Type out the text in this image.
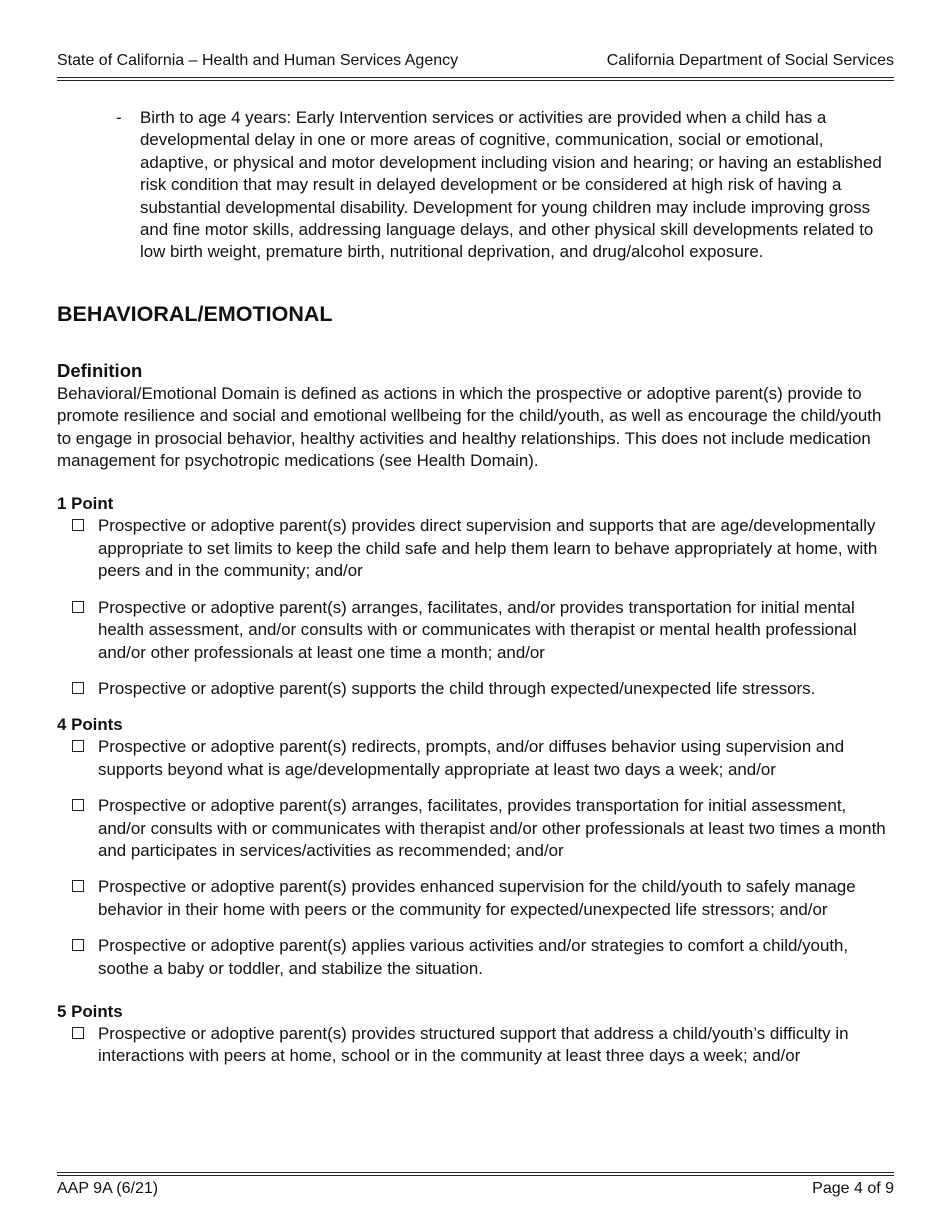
State of California – Health and Human Services Agency	California Department of Social Services
-	Birth to age 4 years: Early Intervention services or activities are provided when a child has a developmental delay in one or more areas of cognitive, communication, social or emotional, adaptive, or physical and motor development including vision and hearing; or having an established risk condition that may result in delayed development or be considered at high risk of having a substantial developmental disability. Development for young children may include improving gross and fine motor skills, addressing language delays, and other physical skill developments related to low birth weight, premature birth, nutritional deprivation, and drug/alcohol exposure.
BEHAVIORAL/EMOTIONAL
Definition
Behavioral/Emotional Domain is defined as actions in which the prospective or adoptive parent(s) provide to promote resilience and social and emotional wellbeing for the child/youth, as well as encourage the child/youth to engage in prosocial behavior, healthy activities and healthy relationships. This does not include medication management for psychotropic medications (see Health Domain).
1 Point
Prospective or adoptive parent(s) provides direct supervision and supports that are age/developmentally appropriate to set limits to keep the child safe and help them learn to behave appropriately at home, with peers and in the community; and/or
Prospective or adoptive parent(s) arranges, facilitates, and/or provides transportation for initial mental health assessment, and/or consults with or communicates with therapist or mental health professional and/or other professionals at least one time a month; and/or
Prospective or adoptive parent(s) supports the child through expected/unexpected life stressors.
4 Points
Prospective or adoptive parent(s) redirects, prompts, and/or diffuses behavior using supervision and supports beyond what is age/developmentally appropriate at least two days a week; and/or
Prospective or adoptive parent(s) arranges, facilitates, provides transportation for initial assessment, and/or consults with or communicates with therapist and/or other professionals at least two times a month and participates in services/activities as recommended; and/or
Prospective or adoptive parent(s) provides enhanced supervision for the child/youth to safely manage behavior in their home with peers or the community for expected/unexpected life stressors; and/or
Prospective or adoptive parent(s) applies various activities and/or strategies to comfort a child/youth, soothe a baby or toddler, and stabilize the situation.
5 Points
Prospective or adoptive parent(s) provides structured support that address a child/youth’s difficulty in interactions with peers at home, school or in the community at least three days a week; and/or
AAP 9A (6/21)	Page 4 of 9
